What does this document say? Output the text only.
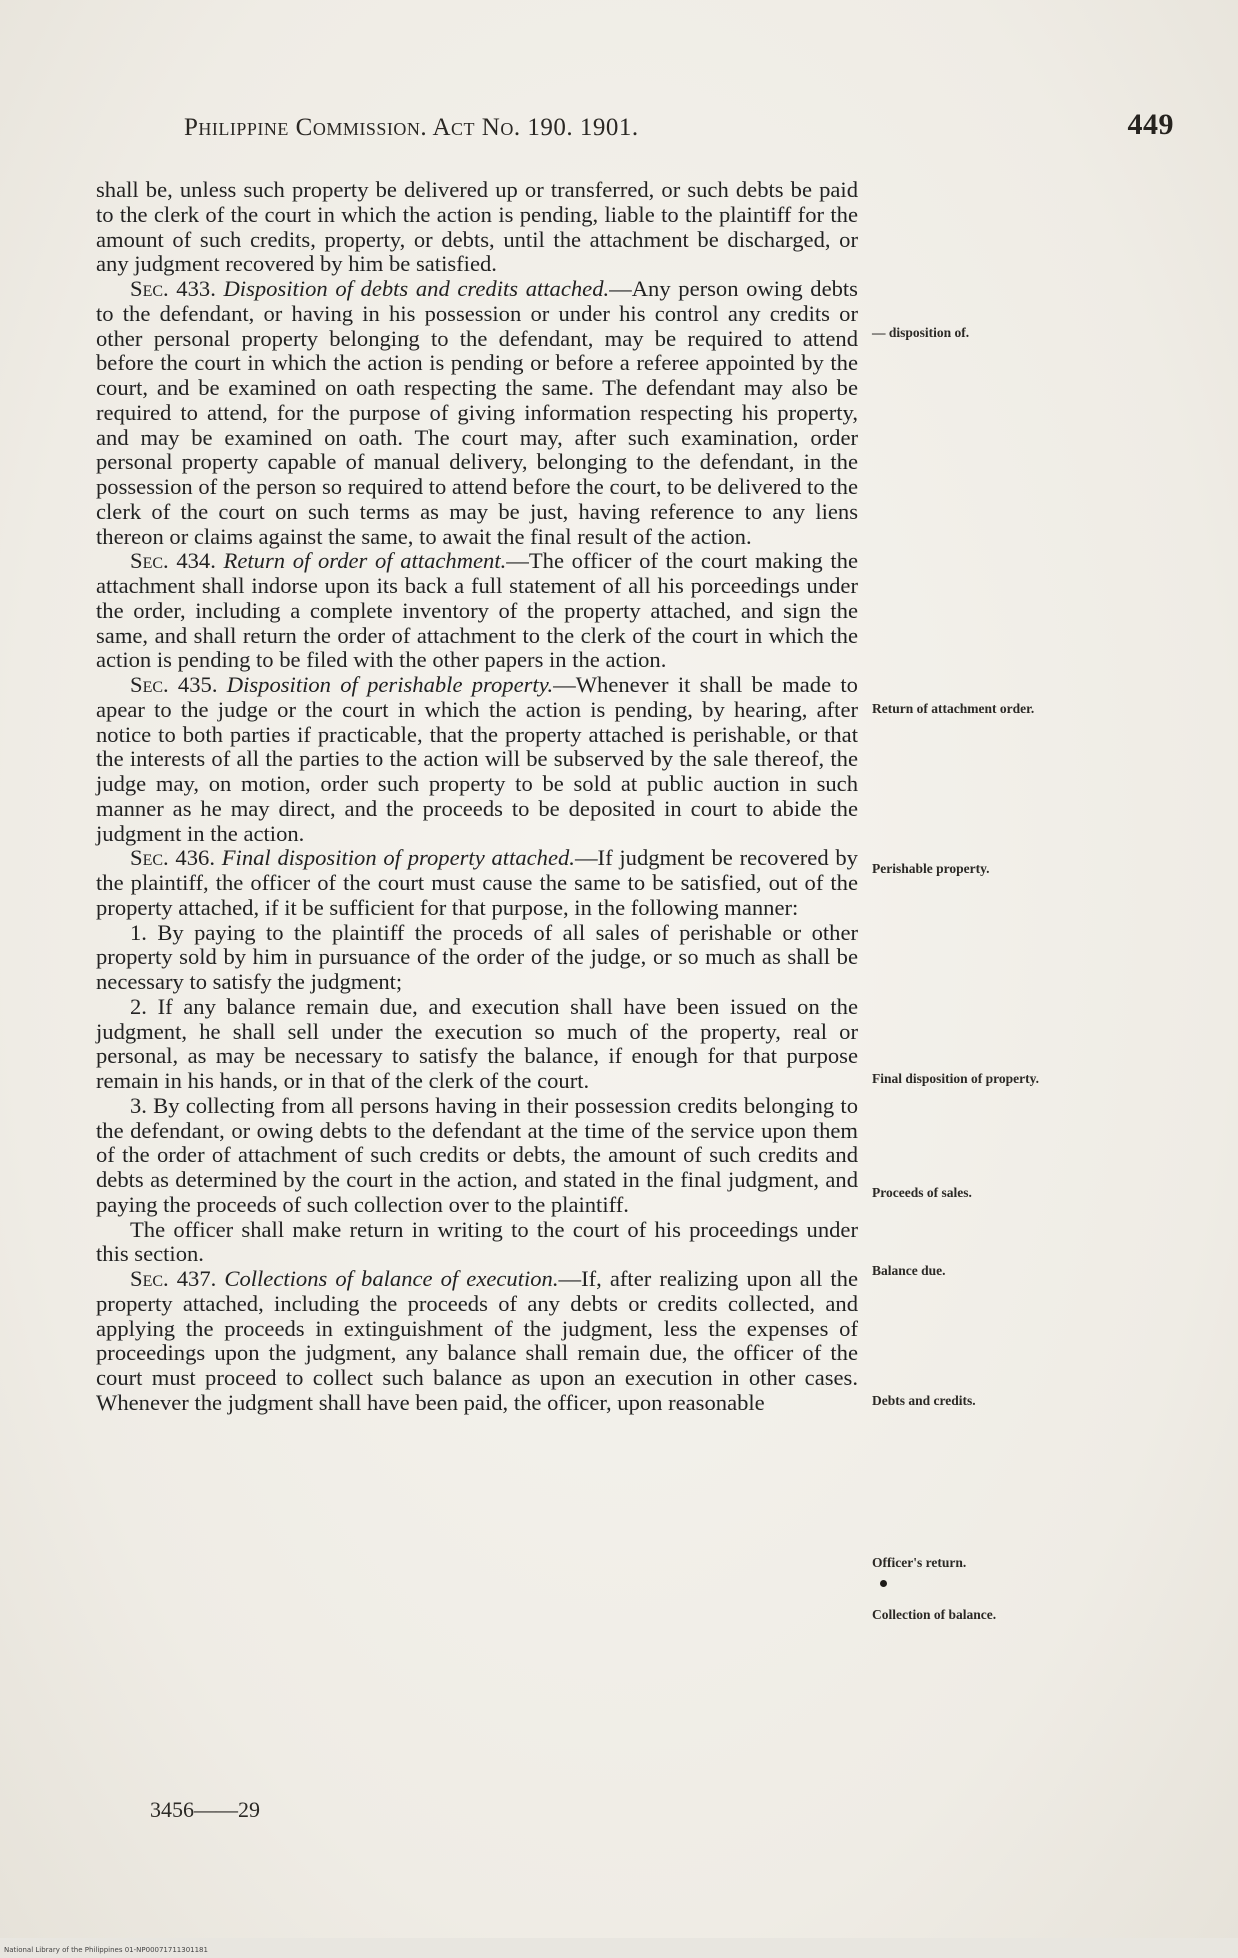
Philippine Commission. Act No. 190. 1901.	449

shall be, unless such property be delivered up or transferred, or such debts be paid to the clerk of the court in which the action is pending, liable to the plaintiff for the amount of such credits, property, or debts, until the attachment be discharged, or any judgment recovered by him be satisfied.

Sec. 433. Disposition of debts and credits attached.—Any person owing debts to the defendant, or having in his possession or under his control any credits or other personal property belonging to the defendant, may be required to attend before the court in which the action is pending or before a referee appointed by the court, and be examined on oath respecting the same. The defendant may also be required to attend, for the purpose of giving information respecting his property, and may be examined on oath. The court may, after such examination, order personal property capable of manual delivery, belonging to the defendant, in the possession of the person so required to attend before the court, to be delivered to the clerk of the court on such terms as may be just, having reference to any liens thereon or claims against the same, to await the final result of the action.

Sec. 434. Return of order of attachment.—The officer of the court making the attachment shall indorse upon its back a full statement of all his porceedings under the order, including a complete inventory of the property attached, and sign the same, and shall return the order of attachment to the clerk of the court in which the action is pending to be filed with the other papers in the action.

Sec. 435. Disposition of perishable property.—Whenever it shall be made to apear to the judge or the court in which the action is pending, by hearing, after notice to both parties if practicable, that the property attached is perishable, or that the interests of all the parties to the action will be subserved by the sale thereof, the judge may, on motion, order such property to be sold at public auction in such manner as he may direct, and the proceeds to be deposited in court to abide the judgment in the action.

Sec. 436. Final disposition of property attached.—If judgment be recovered by the plaintiff, the officer of the court must cause the same to be satisfied, out of the property attached, if it be sufficient for that purpose, in the following manner:

1. By paying to the plaintiff the proceds of all sales of perishable or other property sold by him in pursuance of the order of the judge, or so much as shall be necessary to satisfy the judgment;

2. If any balance remain due, and execution shall have been issued on the judgment, he shall sell under the execution so much of the property, real or personal, as may be necessary to satisfy the balance, if enough for that purpose remain in his hands, or in that of the clerk of the court.

3. By collecting from all persons having in their possession credits belonging to the defendant, or owing debts to the defendant at the time of the service upon them of the order of attachment of such credits or debts, the amount of such credits and debts as determined by the court in the action, and stated in the final judgment, and paying the proceeds of such collection over to the plaintiff.

The officer shall make return in writing to the court of his proceedings under this section.

Sec. 437. Collections of balance of execution.—If, after realizing upon all the property attached, including the proceeds of any debts or credits collected, and applying the proceeds in extinguishment of the judgment, less the expenses of proceedings upon the judgment, any balance shall remain due, the officer of the court must proceed to collect such balance as upon an execution in other cases. Whenever the judgment shall have been paid, the officer, upon reasonable

— disposition of.
Return of attachment order.
Perishable property.
Final disposition of property.
Proceeds of sales.
Balance due.
Debts and credits.
Officer's return.
Collection of balance.
3456——29
National Library of the Philippines 01-NP00071711301181
